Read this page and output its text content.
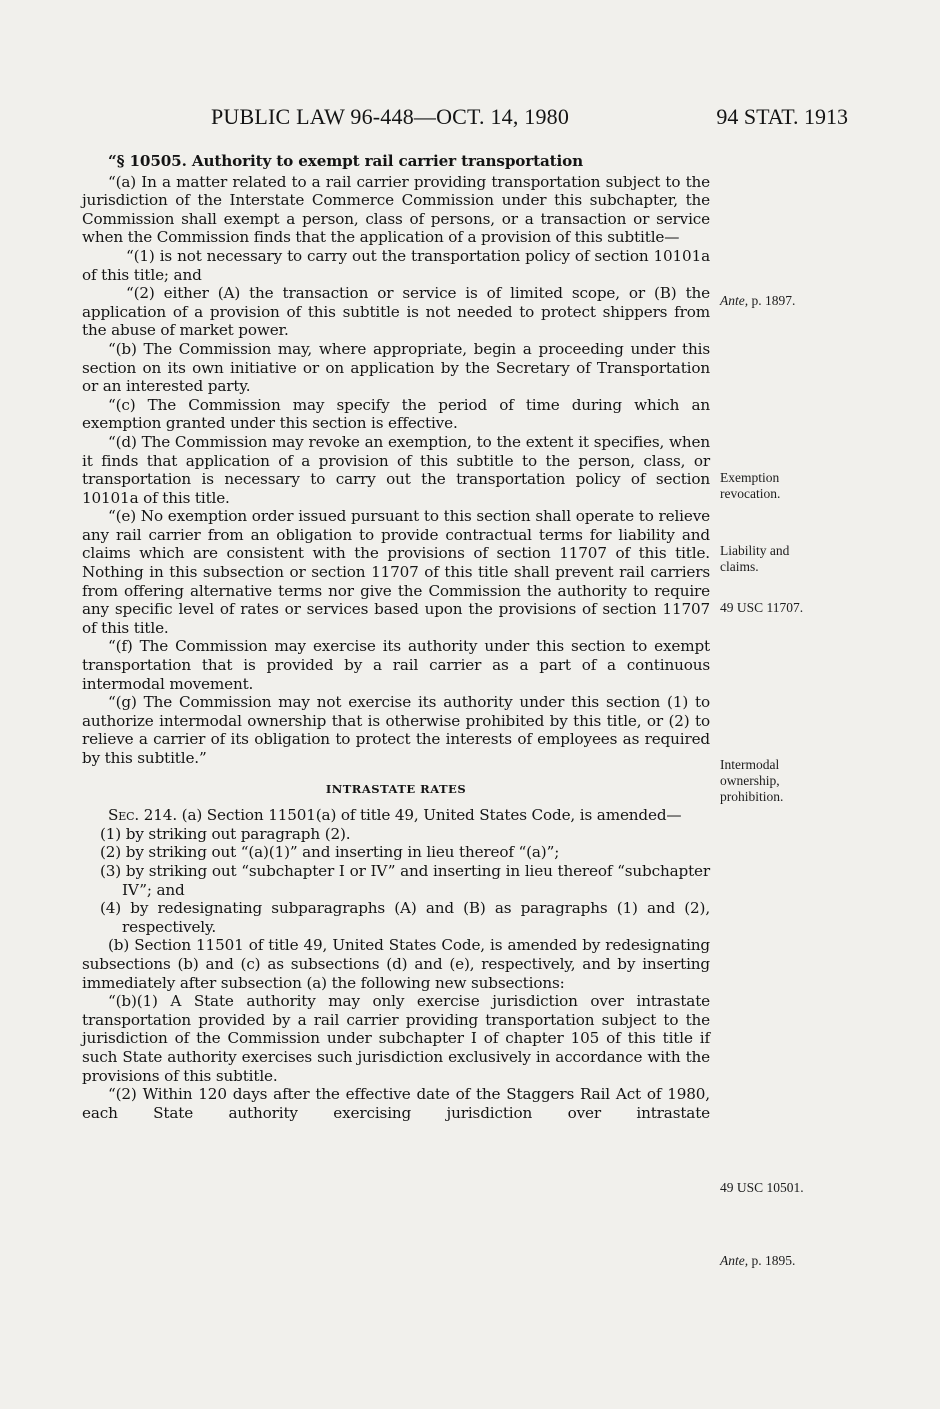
PUBLIC LAW 96-448—OCT. 14, 1980	94 STAT. 1913

“§ 10505. Authority to exempt rail carrier transportation

“(a) In a matter related to a rail carrier providing transportation subject to the jurisdiction of the Interstate Commerce Commission under this subchapter, the Commission shall exempt a person, class of persons, or a transaction or service when the Commission finds that the application of a provision of this subtitle—

“(1) is not necessary to carry out the transportation policy of section 10101a of this title; and

“(2) either (A) the transaction or service is of limited scope, or (B) the application of a provision of this subtitle is not needed to protect shippers from the abuse of market power.

“(b) The Commission may, where appropriate, begin a proceeding under this section on its own initiative or on application by the Secretary of Transportation or an interested party.

“(c) The Commission may specify the period of time during which an exemption granted under this section is effective.

“(d) The Commission may revoke an exemption, to the extent it specifies, when it finds that application of a provision of this subtitle to the person, class, or transportation is necessary to carry out the transportation policy of section 10101a of this title.

“(e) No exemption order issued pursuant to this section shall operate to relieve any rail carrier from an obligation to provide contractual terms for liability and claims which are consistent with the provisions of section 11707 of this title. Nothing in this subsection or section 11707 of this title shall prevent rail carriers from offering alternative terms nor give the Commission the authority to require any specific level of rates or services based upon the provisions of section 11707 of this title.

“(f) The Commission may exercise its authority under this section to exempt transportation that is provided by a rail carrier as a part of a continuous intermodal movement.

“(g) The Commission may not exercise its authority under this section (1) to authorize intermodal ownership that is otherwise prohibited by this title, or (2) to relieve a carrier of its obligation to protect the interests of employees as required by this subtitle.”

INTRASTATE RATES

Sec. 214. (a) Section 11501(a) of title 49, United States Code, is amended—

(1) by striking out paragraph (2).

(2) by striking out “(a)(1)” and inserting in lieu thereof “(a)”;

(3) by striking out “subchapter I or IV” and inserting in lieu thereof “subchapter IV”; and

(4) by redesignating subparagraphs (A) and (B) as paragraphs (1) and (2), respectively.

(b) Section 11501 of title 49, United States Code, is amended by redesignating subsections (b) and (c) as subsections (d) and (e), respectively, and by inserting immediately after subsection (a) the following new subsections:

“(b)(1) A State authority may only exercise jurisdiction over intrastate transportation provided by a rail carrier providing transportation subject to the jurisdiction of the Commission under subchapter I of chapter 105 of this title if such State authority exercises such jurisdiction exclusively in accordance with the provisions of this subtitle.

“(2) Within 120 days after the effective date of the Staggers Rail Act of 1980, each State authority exercising jurisdiction over intrastate

Ante, p. 1897.
Exemption revocation.
Liability and claims.
49 USC 11707.
Intermodal ownership, prohibition.
49 USC 10501.
Ante, p. 1895.
